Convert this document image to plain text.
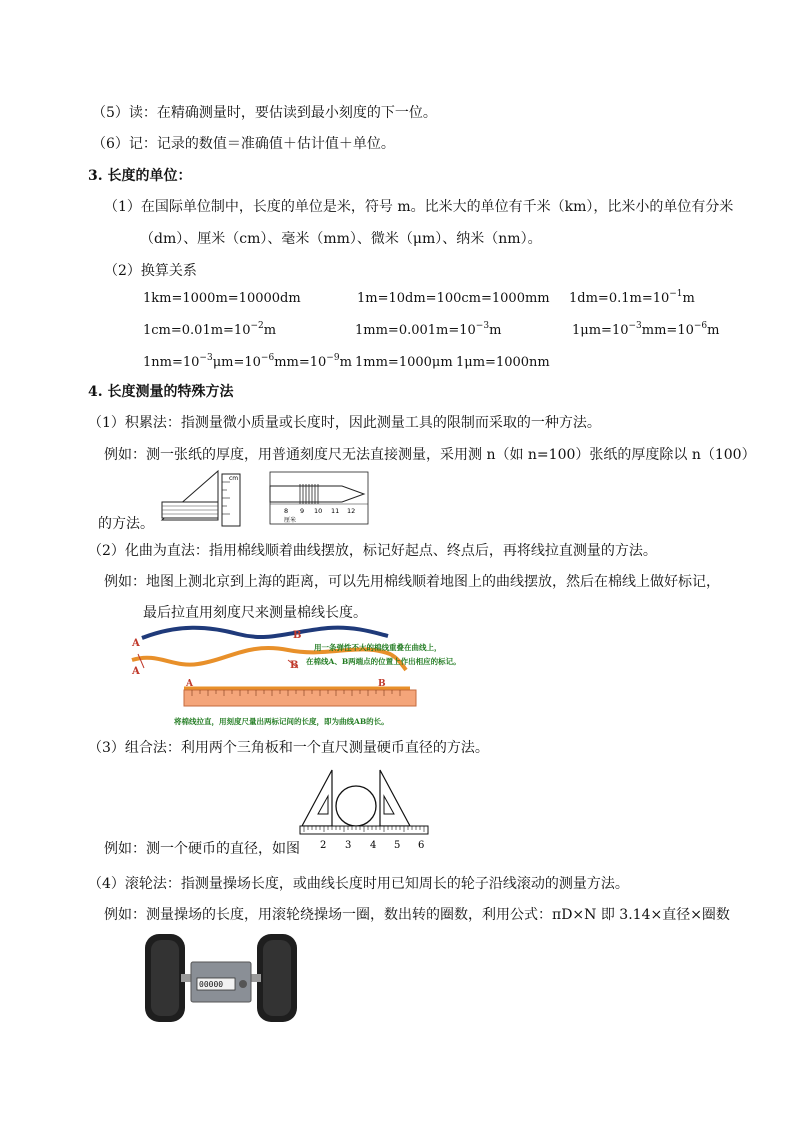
（5）读：在精确测量时，要估读到最小刻度的下一位。
（6）记：记录的数值＝准确值＋估计值＋单位。
3. 长度的单位：
（1）在国际单位制中，长度的单位是米，符号 m。比米大的单位有千米（km），比米小的单位有分米
（dm）、厘米（cm）、毫米（mm）、微米（μm）、纳米（nm）。
（2）换算关系
1km=1000m=10000dm	1m=10dm=100cm=1000mm $1dm=0.1m=10^{-1}m$
$1cm=0.01m=10^{-2}m$	$1mm=0.001m=10^{-3}m$	$1\mu m=10^{-3}mm=10^{-6}m$
$1nm=10^{-3}\mu m=10^{-6}mm=10^{-9}m$ 1mm=1000μm 1μm=1000nm
4. 长度测量的特殊方法
（1）积累法：指测量微小质量或长度时，因此测量工具的限制而采取的一种方法。
例如：测一张纸的厚度，用普通刻度尺无法直接测量，采用测 n（如 n=100）张纸的厚度除以 n（100）
cm
8 9 10 11 12
厘米
的方法。
（2）化曲为直法：指用棉线顺着曲线摆放，标记好起点、终点后，再将线拉直测量的方法。
例如：地图上测北京到上海的距离，可以先用棉线顺着地图上的曲线摆放，然后在棉线上做好标记，
最后拉直用刻度尺来测量棉线长度。
A
B
A
B
用一条弹性不大的棉线重叠在曲线上，
在棉线A、B两端点的位置上作出相应的标记。
A	B
将棉线拉直，用刻度尺量出两标记间的长度，即为曲线AB的长。
（3）组合法：利用两个三角板和一个直尺测量硬币直径的方法。
2 3 4 5 6
例如：测一个硬币的直径，如图
（4）滚轮法：指测量操场长度，或曲线长度时用已知周长的轮子沿线滚动的测量方法。
例如：测量操场的长度，用滚轮绕操场一圈，数出转的圈数，利用公式：πD×N 即 3.14×直径×圈数
00000
